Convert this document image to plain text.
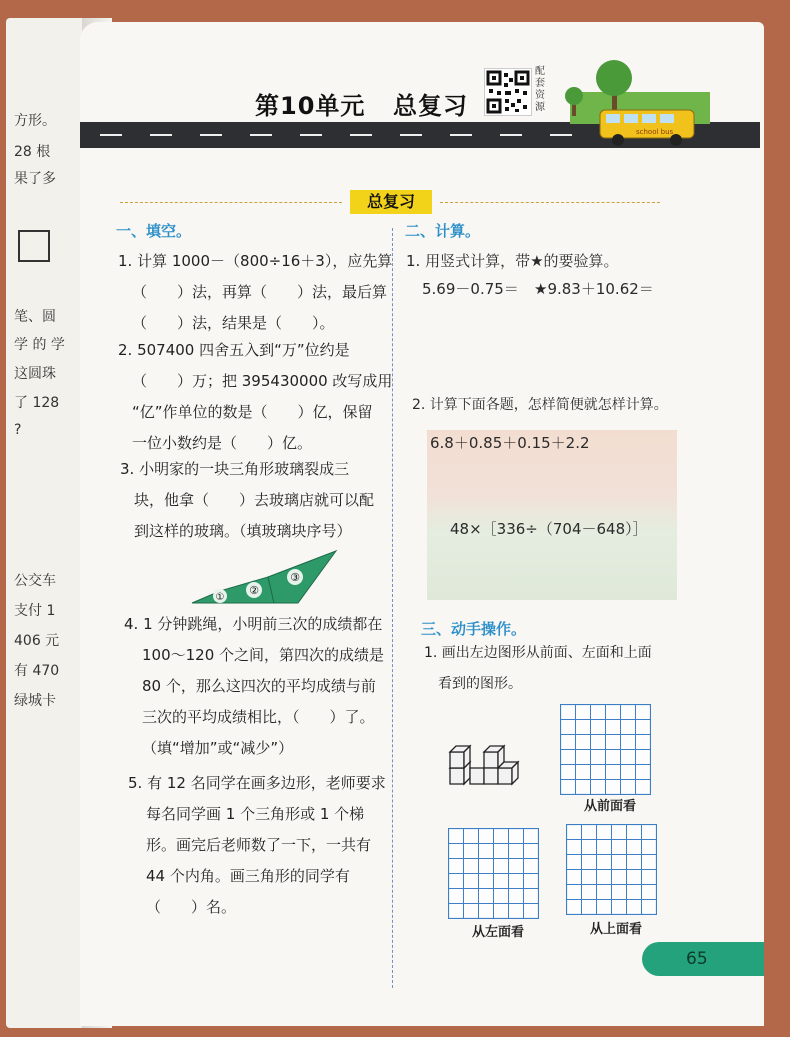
方形。
28 根
果了多
笔、圆
学 的 学
这圆珠
了 128
?
公交车
支付 1
406 元
有 470
绿城卡
第10单元 总复习
配套资源
school bus
总复习
一、填空。
1. 计算 1000－（800÷16＋3），应先算
（　　）法，再算（　　）法，最后算
（　　）法，结果是（　　）。
2. 507400 四舍五入到“万”位约是
（　　）万；把 395430000 改写成用
“亿”作单位的数是（　　）亿，保留
一位小数约是（　　）亿。
3. 小明家的一块三角形玻璃裂成三
块，他拿（　　）去玻璃店就可以配
到这样的玻璃。（填玻璃块序号）
①
②
③
4. 1 分钟跳绳，小明前三次的成绩都在
100～120 个之间，第四次的成绩是
80 个，那么这四次的平均成绩与前
三次的平均成绩相比，（　　）了。
（填“增加”或“减少”）
5. 有 12 名同学在画多边形，老师要求
每名同学画 1 个三角形或 1 个梯
形。画完后老师数了一下，一共有
44 个内角。画三角形的同学有
（　　）名。
二、计算。
1. 用竖式计算，带★的要验算。
5.69－0.75＝ ★9.83＋10.62＝
2. 计算下面各题，怎样简便就怎样计算。
6.8＋0.85＋0.15＋2.2
48×［336÷（704－648）］
三、动手操作。
1. 画出左边图形从前面、左面和上面
看到的图形。
从前面看
从左面看	从上面看
65
